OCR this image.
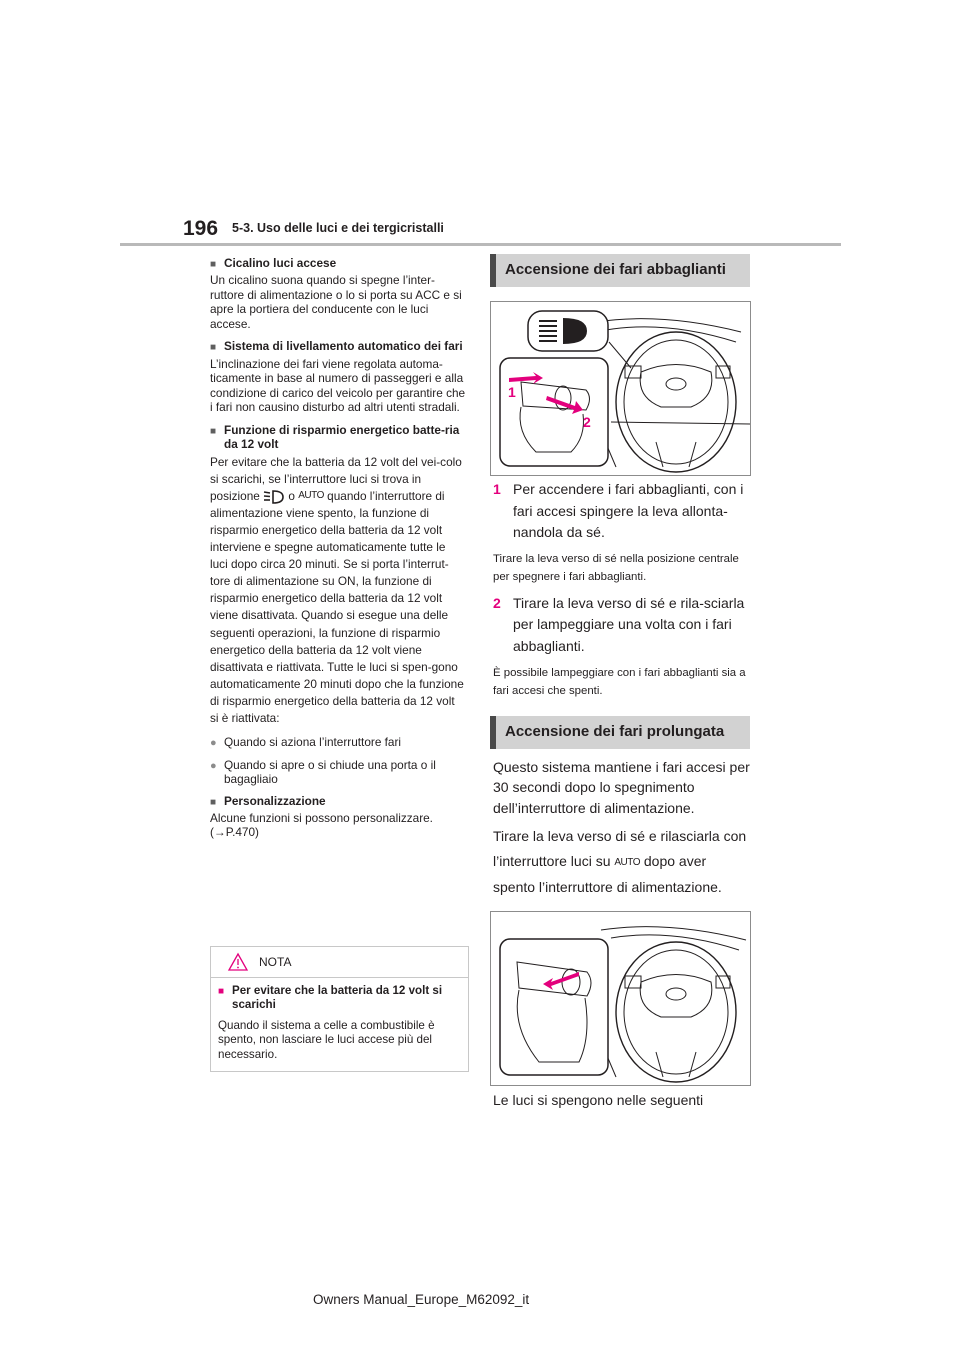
196 5-3. Uso delle luci e dei tergicristalli
■
Cicalino luci accese

Un cicalino suona quando si spegne l’inter-ruttore di alimentazione o lo si porta su ACC e si apre la portiera del conducente con le luci accese.

■
Sistema di livellamento automatico dei fari

L’inclinazione dei fari viene regolata automa-ticamente in base al numero di passeggeri e alla condizione di carico del veicolo per garantire che i fari non causino disturbo ad altri utenti stradali.

■
Funzione di risparmio energetico batte-ria da 12 volt

Per evitare che la batteria da 12 volt del vei-colo si scarichi, se l’interruttore luci si trova in posizione o AUTO quando l’interruttore di alimentazione viene spento, la funzione di risparmio energetico della batteria da 12 volt interviene e spegne automaticamente tutte le luci dopo circa 20 minuti. Se si porta l’interrut-tore di alimentazione su ON, la funzione di risparmio energetico della batteria da 12 volt viene disattivata. Quando si esegue una delle seguenti operazioni, la funzione di risparmio energetico della batteria da 12 volt viene disattivata e riattivata. Tutte le luci si spen-gono automaticamente 20 minuti dopo che la funzione di risparmio energetico della batteria da 12 volt si è riattivata:

●
Quando si aziona l’interruttore fari
●
Quando si apre o si chiude una porta o il bagagliaio
■
Personalizzazione

Alcune funzioni si possono personalizzare. (→P.470)

NOTA
■
Per evitare che la batteria da 12 volt si scarichi
Quando il sistema a celle a combustibile è spento, non lasciare le luci accese più del necessario.
Accensione dei fari abbaglianti
1
2
1 Per accendere i fari abbaglianti, con i fari accesi spingere la leva allonta-nandola da sé.
Tirare la leva verso di sé nella posizione centrale per spegnere i fari abbaglianti.
2 Tirare la leva verso di sé e rila-sciarla per lampeggiare una volta con i fari abbaglianti.
È possibile lampeggiare con i fari abbaglianti sia a fari accesi che spenti.
Accensione dei fari prolungata
Questo sistema mantiene i fari accesi per 30 secondi dopo lo spegnimento dell’interruttore di alimentazione.
Tirare la leva verso di sé e rilasciarla con l’interruttore luci su AUTO dopo aver spento l’interruttore di alimentazione.
Le luci si spengono nelle seguenti
Owners Manual_Europe_M62092_it
